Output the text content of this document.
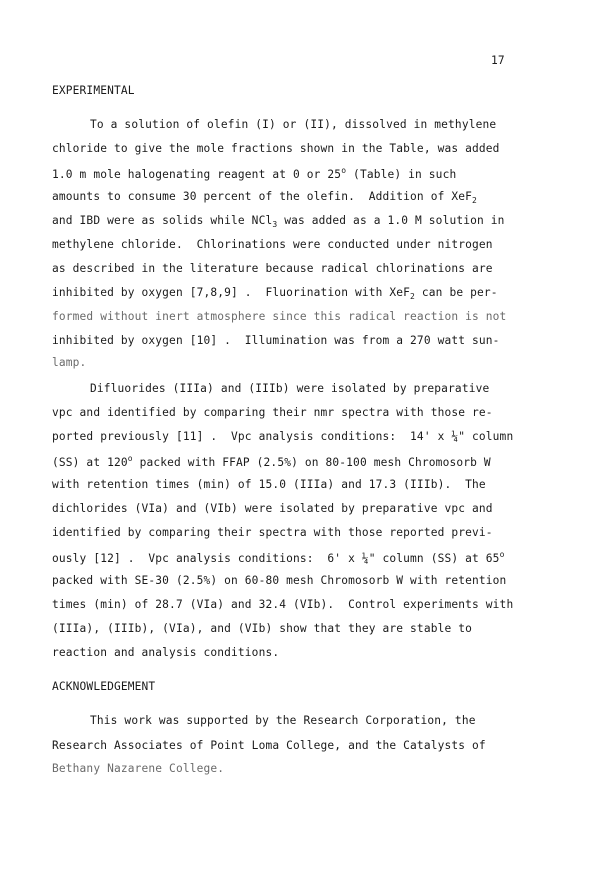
17
EXPERIMENTAL
To a solution of olefin (I) or (II), dissolved in methylene
chloride to give the mole fractions shown in the Table, was added
1.0 m mole halogenating reagent at 0 or 25$^o$ (Table) in such
amounts to consume 30 percent of the olefin.  Addition of XeF$_2$
and IBD were as solids while NCl$_3$ was added as a 1.0 M solution in
methylene chloride.  Chlorinations were conducted under nitrogen
as described in the literature because radical chlorinations are
inhibited by oxygen [7,8,9] .  Fluorination with XeF$_2$ can be per-
formed without inert atmosphere since this radical reaction is not
inhibited by oxygen [10] .  Illumination was from a 270 watt sun-
lamp.
Difluorides (IIIa) and (IIIb) were isolated by preparative
vpc and identified by comparing their nmr spectra with those re-
ported previously [11] .  Vpc analysis conditions:  14' x ¼" column
(SS) at 120$^o$ packed with FFAP (2.5%) on 80-100 mesh Chromosorb W
with retention times (min) of 15.0 (IIIa) and 17.3 (IIIb).  The
dichlorides (VIa) and (VIb) were isolated by preparative vpc and
identified by comparing their spectra with those reported previ-
ously [12] .  Vpc analysis conditions:  6' x ¼" column (SS) at 65$^o$
packed with SE-30 (2.5%) on 60-80 mesh Chromosorb W with retention
times (min) of 28.7 (VIa) and 32.4 (VIb).  Control experiments with
(IIIa), (IIIb), (VIa), and (VIb) show that they are stable to
reaction and analysis conditions.
ACKNOWLEDGEMENT
This work was supported by the Research Corporation, the
Research Associates of Point Loma College, and the Catalysts of
Bethany Nazarene College.
